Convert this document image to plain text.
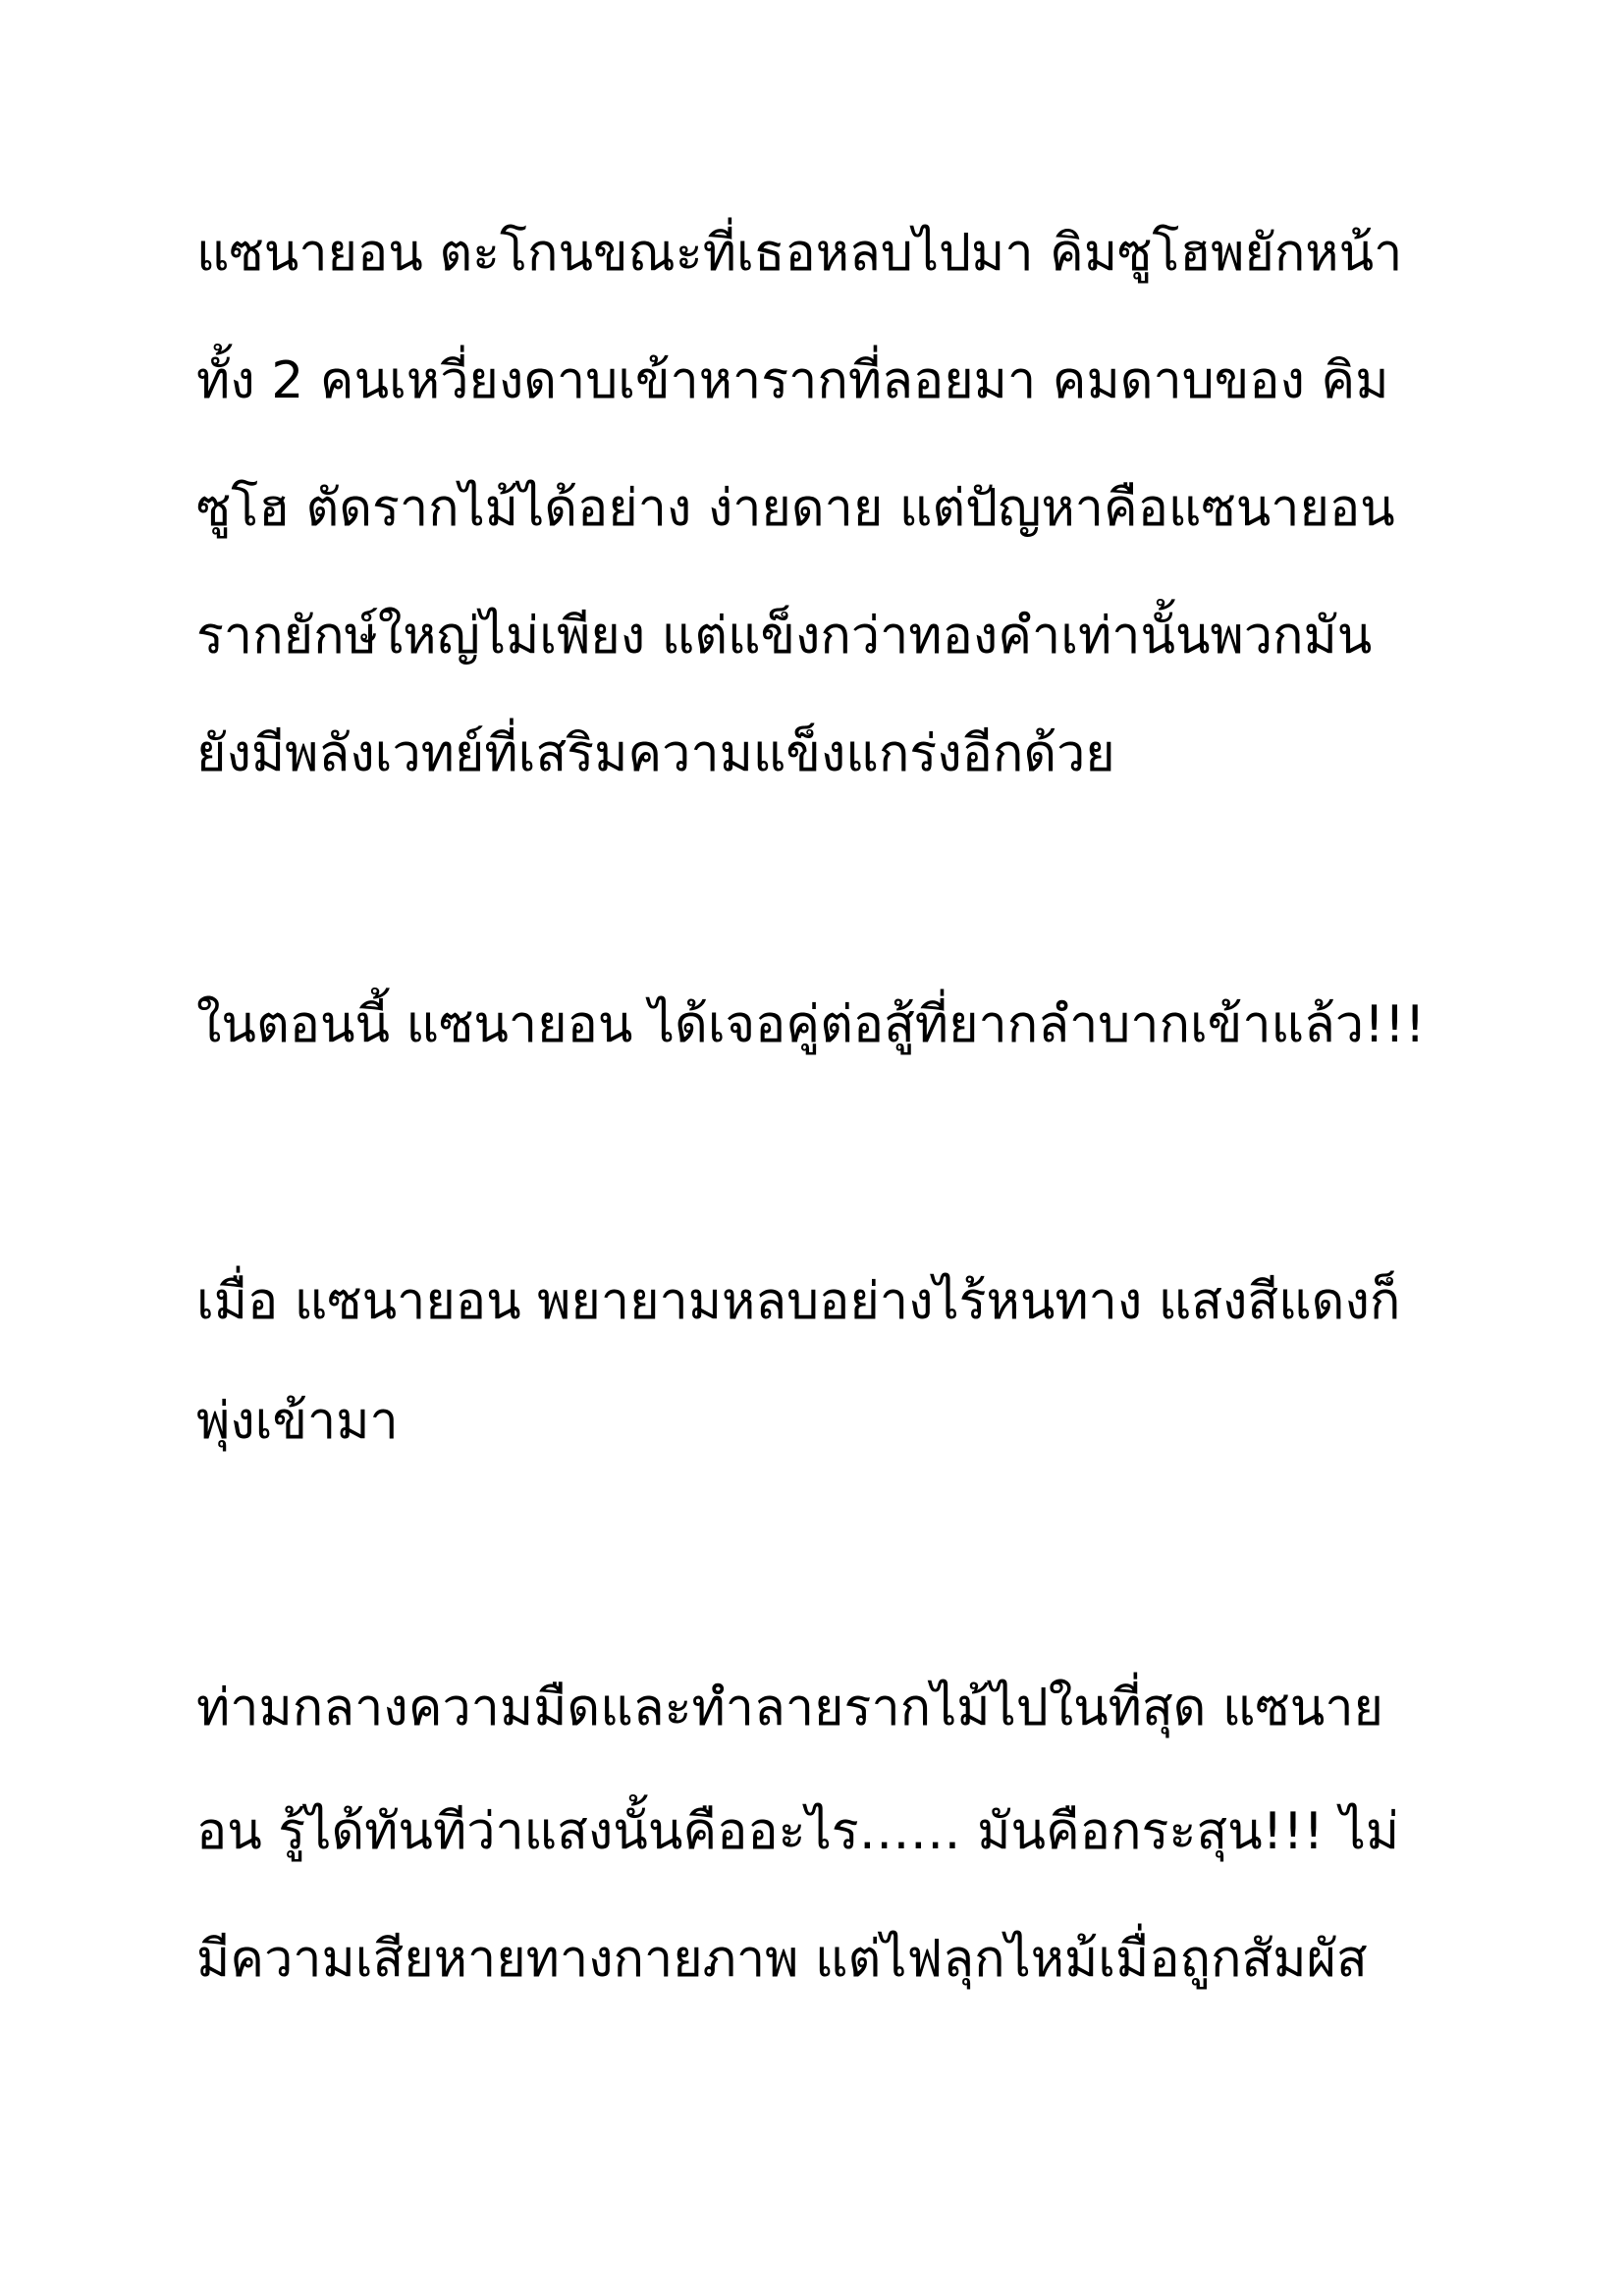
แซนายอน ตะโกนขณะที่เธอหลบไปมา คิมซูโฮพยักหน้า
ทั้ง 2 คนเหวี่ยงดาบเข้าหารากที่ลอยมา คมดาบของ คิม
ซูโฮ ตัดรากไม้ได้อย่าง ง่ายดาย แต่ปัญหาคือแซนายอน
รากยักษ์ใหญ่ไม่เพียง แต่แข็งกว่าทองคำเท่านั้นพวกมัน
ยังมีพลังเวทย์ที่เสริมความแข็งแกร่งอีกด้วย
ในตอนนี้ แซนายอน ได้เจอคู่ต่อสู้ที่ยากลำบากเข้าแล้ว!!!
เมื่อ แซนายอน พยายามหลบอย่างไร้หนทาง แสงสีแดงก็
พุ่งเข้ามา
ท่ามกลางความมืดและทำลายรากไม้ไปในที่สุด แซนาย
อน รู้ได้ทันทีว่าแสงนั้นคืออะไร…… มันคือกระสุน!!! ไม่
มีความเสียหายทางกายภาพ แต่ไฟลุกไหม้เมื่อถูกสัมผัส
